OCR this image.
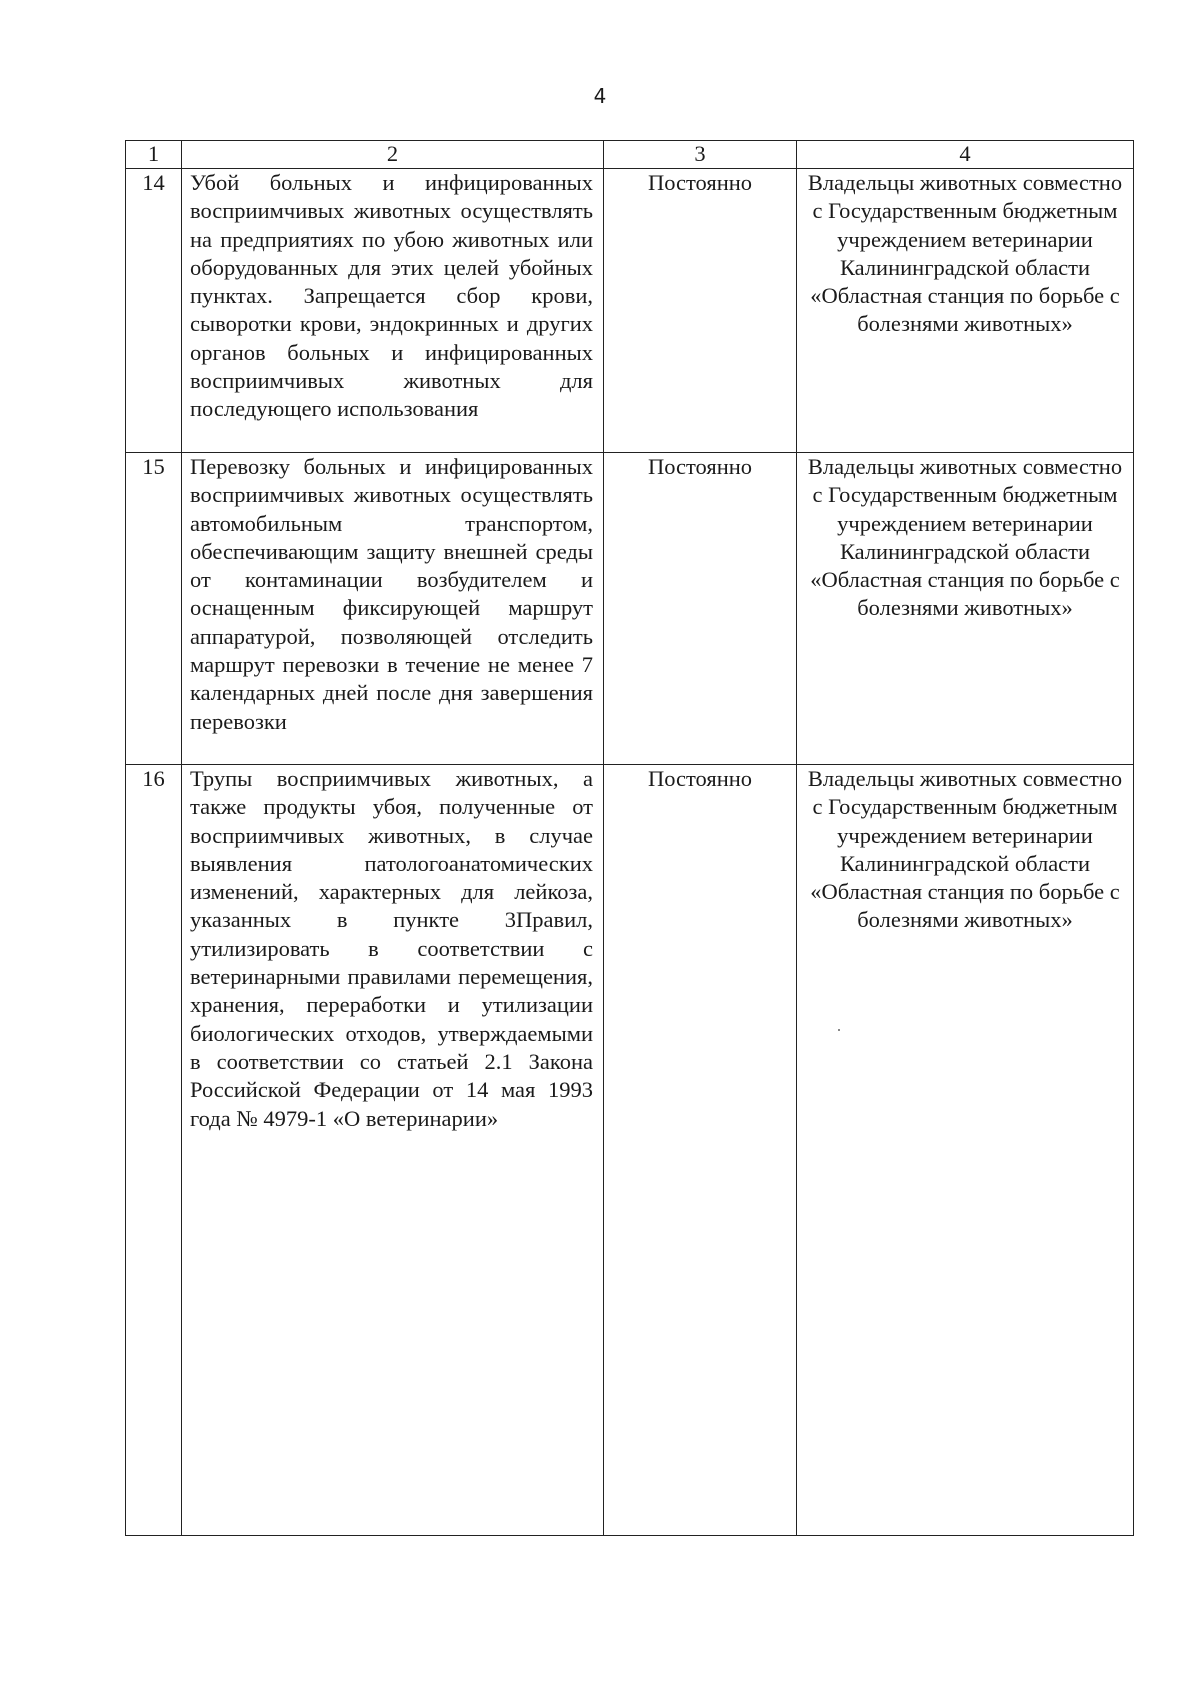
4
1	2	3	4
14	Убой больных и инфицированных восприимчивых животных осуществлять на предприятиях по убою животных или оборудованных для этих целей убойных пунктах. Запрещается сбор крови, сыворотки крови, эндокринных и других органов больных и инфицированных восприимчивых животных для последующего использования	Постоянно	Владельцы животных совместно с Государственным бюджетным учреждением ветеринарии Калининградской области «Областная станция по борьбе с болезнями животных»
15	Перевозку больных и инфицированных восприимчивых животных осуществлять автомобильным транспортом, обеспечивающим защиту внешней среды от контаминации возбудителем и оснащенным фиксирующей маршрут аппаратурой, позволяющей отследить маршрут перевозки в течение не менее 7 календарных дней после дня завершения перевозки	Постоянно	Владельцы животных совместно с Государственным бюджетным учреждением ветеринарии Калининградской области «Областная станция по борьбе с болезнями животных»
16	Трупы восприимчивых животных, а также продукты убоя, полученные от восприимчивых животных, в случае выявления патологоанатомических изменений, характерных для лейкоза, указанных в пункте 3Правил, утилизировать в соответствии с ветеринарными правилами перемещения, хранения, переработки и утилизации биологических отходов, утверждаемыми в соответствии со статьей 2.1 Закона Российской Федерации от 14 мая 1993 года № 4979-1 «О ветеринарии»	Постоянно	Владельцы животных совместно с Государственным бюджетным учреждением ветеринарии Калининградской области «Областная станция по борьбе с болезнями животных»
